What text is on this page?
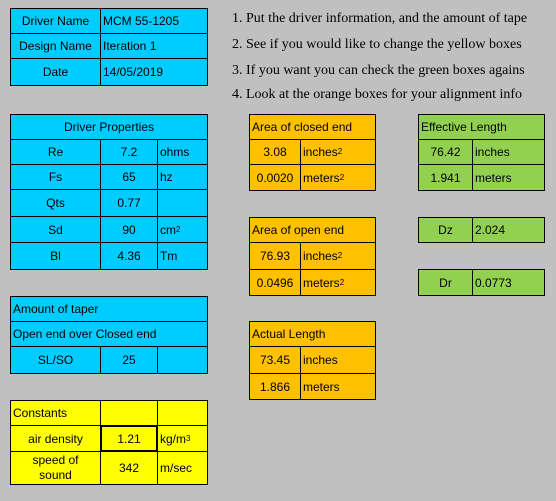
Driver Name	MCM 55-1205
Design Name Iteration 1
Date	14/05/2019
1. Put the driver information, and the amount of tape
2. See if you would like to change the yellow boxes
3. If you want you can check the green boxes agains
4. Look at the orange boxes for your alignment info
Driver Properties
Re	7.2	ohms
Fs	65	hz
Qts	0.77
Sd	90	cm 2
Bl	4.36	Tm
Amount of taper
Open end over Closed end
SL/SO	25
Constants
air density	1.21	kg/m 3
speed of
sound	342	m/sec
Area of closed end
3.08	inches 2
0.0020 meters 2
Area of open end
76.93	inches 2
0.0496 meters 2
Actual Length
73.45	inches
1.866	meters
Effective Length
76.42	inches
1.941	meters
Dz	2.024
Dr	0.0773
